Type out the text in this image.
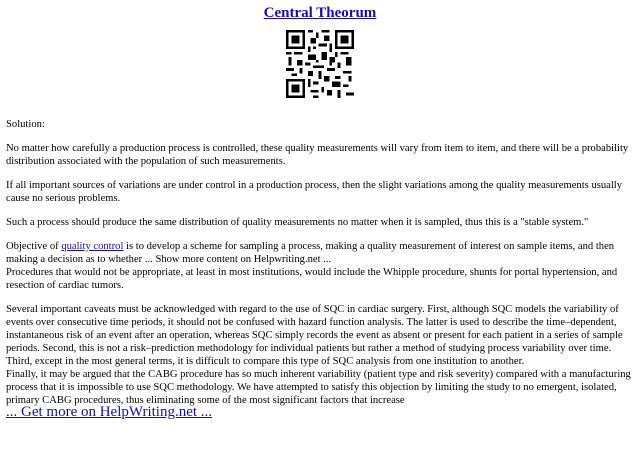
Central Theorum

Solution:

No matter how carefully a production process is controlled, these quality measurements will vary from item to item, and there will be a probability distribution associated with the population of such measurements.

If all important sources of variations are under control in a production process, then the slight variations among the quality measurements usually cause no serious problems.

Such a process should produce the same distribution of quality measurements no matter when it is sampled, thus this is a "stable system."

Objective of quality control is to develop a scheme for sampling a process, making a quality measurement of interest on sample items, and then making a decision as to whether ... Show more content on Helpwriting.net ...

Procedures that would not be appropriate, at least in most institutions, would include the Whipple procedure, shunts for portal hypertension, and resection of cardiac tumors.

Several important caveats must be acknowledged with regard to the use of SQC in cardiac surgery. First, although SQC models the variability of events over consecutive time periods, it should not be confused with hazard function analysis. The latter is used to describe the time–dependent, instantaneous risk of an event after an operation, whereas SQC simply records the event as absent or present for each patient in a series of sample periods. Second, this is not a risk–prediction methodology for individual patients but rather a method of studying process variability over time. Third, except in the most general terms, it is difficult to compare this type of SQC analysis from one institution to another.

Finally, it may be argued that the CABG procedure has so much inherent variability (patient type and risk severity) compared with a manufacturing process that it is impossible to use SQC methodology. We have attempted to satisfy this objection by limiting the study to no emergent, isolated, primary CABG procedures, thus eliminating some of the most significant factors that increase

... Get more on HelpWriting.net ...
